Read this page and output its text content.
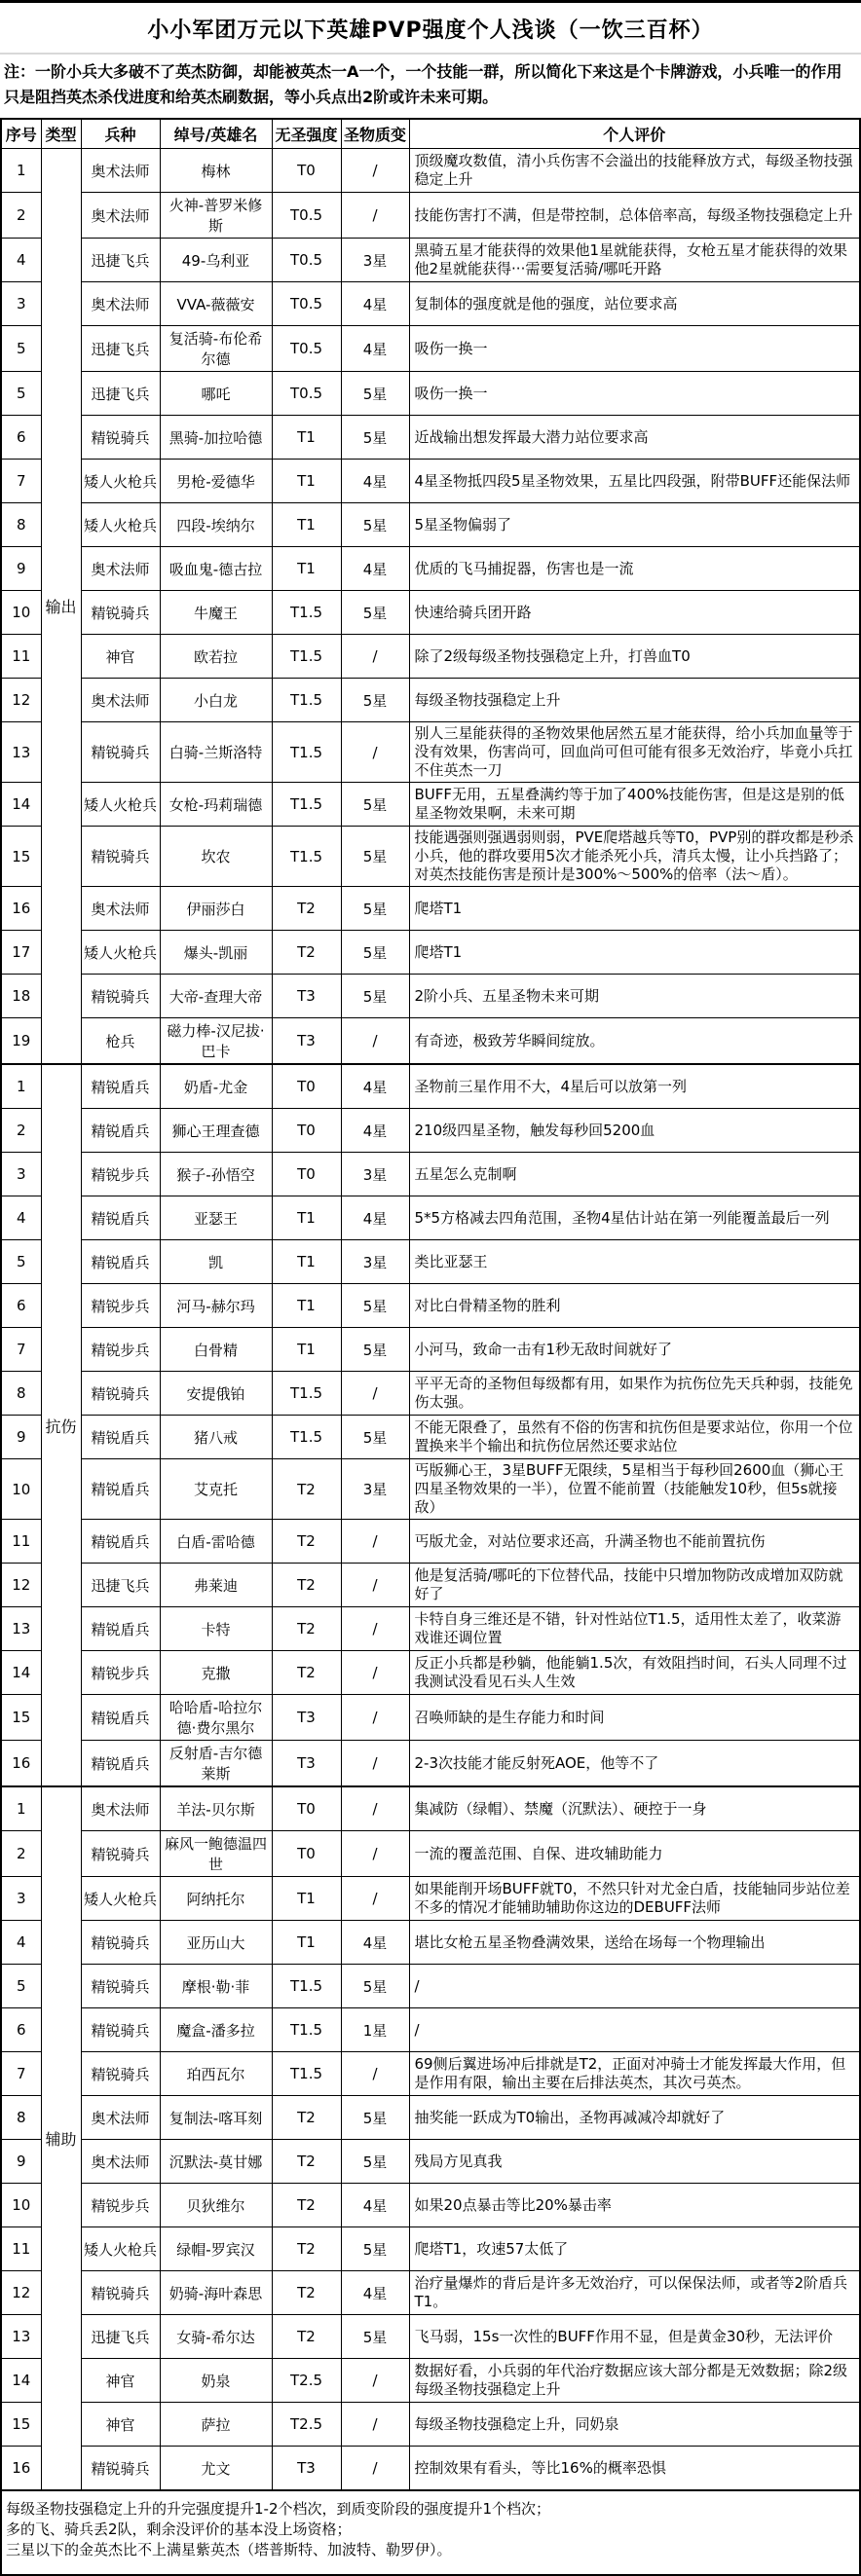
小小军团万元以下英雄PVP强度个人浅谈（一饮三百杯）
注：一阶小兵大多破不了英杰防御，却能被英杰一A一个，一个技能一群，所以简化下来这是个卡牌游戏，小兵唯一的作用只是阻挡英杰杀伐进度和给英杰刷数据，等小兵点出2阶或许未来可期。
序号	类型	兵种	绰号/英雄名	无圣强度	圣物质变	个人评价
1	输出	奥术法师	梅林	T0	/	顶级魔攻数值，清小兵伤害不会溢出的技能释放方式，每级圣物技强稳定上升
2		奥术法师	火神-普罗米修斯	T0.5	/	技能伤害打不满，但是带控制，总体倍率高，每级圣物技强稳定上升
4		迅捷飞兵	49-乌利亚	T0.5	3星	黑骑五星才能获得的效果他1星就能获得，女枪五星才能获得的效果他2星就能获得···需要复活骑/哪吒开路
3		奥术法师	VVA-薇薇安	T0.5	4星	复制体的强度就是他的强度，站位要求高
5		迅捷飞兵	复活骑-布伦希尔德	T0.5	4星	吸伤一换一
5		迅捷飞兵	哪吒	T0.5	5星	吸伤一换一
6		精锐骑兵	黑骑-加拉哈德	T1	5星	近战输出想发挥最大潜力站位要求高
7		矮人火枪兵	男枪-爱德华	T1	4星	4星圣物抵四段5星圣物效果，五星比四段强，附带BUFF还能保法师
8		矮人火枪兵	四段-埃纳尔	T1	5星	5星圣物偏弱了
9		奥术法师	吸血鬼-德古拉	T1	4星	优质的飞马捕捉器，伤害也是一流
10		精锐骑兵	牛魔王	T1.5	5星	快速给骑兵团开路
11		神官	欧若拉	T1.5	/	除了2级每级圣物技强稳定上升，打兽血T0
12		奥术法师	小白龙	T1.5	5星	每级圣物技强稳定上升
13		精锐骑兵	白骑-兰斯洛特	T1.5	/	别人三星能获得的圣物效果他居然五星才能获得，给小兵加血量等于没有效果，伤害尚可，回血尚可但可能有很多无效治疗，毕竟小兵扛不住英杰一刀
14		矮人火枪兵	女枪-玛莉瑞德	T1.5	5星	BUFF无用，五星叠满约等于加了400%技能伤害，但是这是别的低星圣物效果啊，未来可期
15		精锐骑兵	坎农	T1.5	5星	技能遇强则强遇弱则弱，PVE爬塔越兵等T0，PVP别的群攻都是秒杀小兵，他的群攻要用5次才能杀死小兵，清兵太慢，让小兵挡路了；对英杰技能伤害是预计是300%～500%的倍率（法～盾）。
16		奥术法师	伊丽莎白	T2	5星	爬塔T1
17		矮人火枪兵	爆头-凯丽	T2	5星	爬塔T1
18		精锐骑兵	大帝-查理大帝	T3	5星	2阶小兵、五星圣物未来可期
19		枪兵	磁力棒-汉尼拔·巴卡	T3	/	有奇迹，极致芳华瞬间绽放。
1	抗伤	精锐盾兵	奶盾-尤金	T0	4星	圣物前三星作用不大，4星后可以放第一列
2		精锐盾兵	狮心王理查德	T0	4星	210级四星圣物，触发每秒回5200血
3		精锐步兵	猴子-孙悟空	T0	3星	五星怎么克制啊
4		精锐盾兵	亚瑟王	T1	4星	5*5方格减去四角范围，圣物4星估计站在第一列能覆盖最后一列
5		精锐盾兵	凯	T1	3星	类比亚瑟王
6		精锐步兵	河马-赫尔玛	T1	5星	对比白骨精圣物的胜利
7		精锐步兵	白骨精	T1	5星	小河马，致命一击有1秒无敌时间就好了
8		精锐骑兵	安提俄铂	T1.5	/	平平无奇的圣物但每级都有用，如果作为抗伤位先天兵种弱，技能免伤太强。
9		精锐盾兵	猪八戒	T1.5	5星	不能无限叠了，虽然有不俗的伤害和抗伤但是要求站位，你用一个位置换来半个输出和抗伤位居然还要求站位
10		精锐盾兵	艾克托	T2	3星	丐版狮心王，3星BUFF无限续，5星相当于每秒回2600血（狮心王四星圣物效果的一半），位置不能前置（技能触发10秒，但5s就接敌）
11		精锐盾兵	白盾-雷哈德	T2	/	丐版尤金，对站位要求还高，升满圣物也不能前置抗伤
12		迅捷飞兵	弗莱迪	T2	/	他是复活骑/哪吒的下位替代品，技能中只增加物防改成增加双防就好了
13		精锐盾兵	卡特	T2	/	卡特自身三维还是不错，针对性站位T1.5，适用性太差了，收菜游戏谁还调位置
14		精锐步兵	克撒	T2	/	反正小兵都是秒躺，他能躺1.5次，有效阻挡时间，石头人同理不过我测试没看见石头人生效
15		精锐盾兵	哈哈盾-哈拉尔德·费尔黑尔	T3	/	召唤师缺的是生存能力和时间
16		精锐盾兵	反射盾-吉尔德莱斯	T3	/	2-3次技能才能反射死AOE，他等不了
1	辅助	奥术法师	羊法-贝尔斯	T0	/	集减防（绿帽）、禁魔（沉默法）、硬控于一身
2		精锐骑兵	麻风一鲍德温四世	T0	/	一流的覆盖范围、自保、进攻辅助能力
3		矮人火枪兵	阿纳托尔	T1	/	如果能削开场BUFF就T0，不然只针对尤金白盾，技能轴同步站位差不多的情况才能辅助辅助你这边的DEBUFF法师
4		精锐骑兵	亚历山大	T1	4星	堪比女枪五星圣物叠满效果，送给在场每一个物理输出
5		精锐骑兵	摩根·勒·菲	T1.5	5星	/
6		精锐骑兵	魔盒-潘多拉	T1.5	1星	/
7		精锐骑兵	珀西瓦尔	T1.5	/	69侧后翼进场冲后排就是T2，正面对冲骑士才能发挥最大作用，但是作用有限，输出主要在后排法英杰，其次弓英杰。
8		奥术法师	复制法-喀耳刻	T2	5星	抽奖能一跃成为T0输出，圣物再减减冷却就好了
9		奥术法师	沉默法-莫甘娜	T2	5星	残局方见真我
10		精锐步兵	贝狄维尔	T2	4星	如果20点暴击等比20%暴击率
11		矮人火枪兵	绿帽-罗宾汉	T2	5星	爬塔T1，攻速57太低了
12		精锐骑兵	奶骑-海叶森思	T2	4星	治疗量爆炸的背后是许多无效治疗，可以保保法师，或者等2阶盾兵T1。
13		迅捷飞兵	女骑-希尔达	T2	5星	飞马弱，15s一次性的BUFF作用不显，但是黄金30秒，无法评价
14		神官	奶泉	T2.5	/	数据好看，小兵弱的年代治疗数据应该大部分都是无效数据；除2级每级圣物技强稳定上升
15		神官	萨拉	T2.5	/	每级圣物技强稳定上升，同奶泉
16		精锐骑兵	尤文	T3	/	控制效果有看头，等比16%的概率恐惧
每级圣物技强稳定上升的升完强度提升1-2个档次，到质变阶段的强度提升1个档次；
多的飞、骑兵丢2队，剩余没评价的基本没上场资格；
三星以下的金英杰比不上满星紫英杰（塔普斯特、加波特、勒罗伊）。
